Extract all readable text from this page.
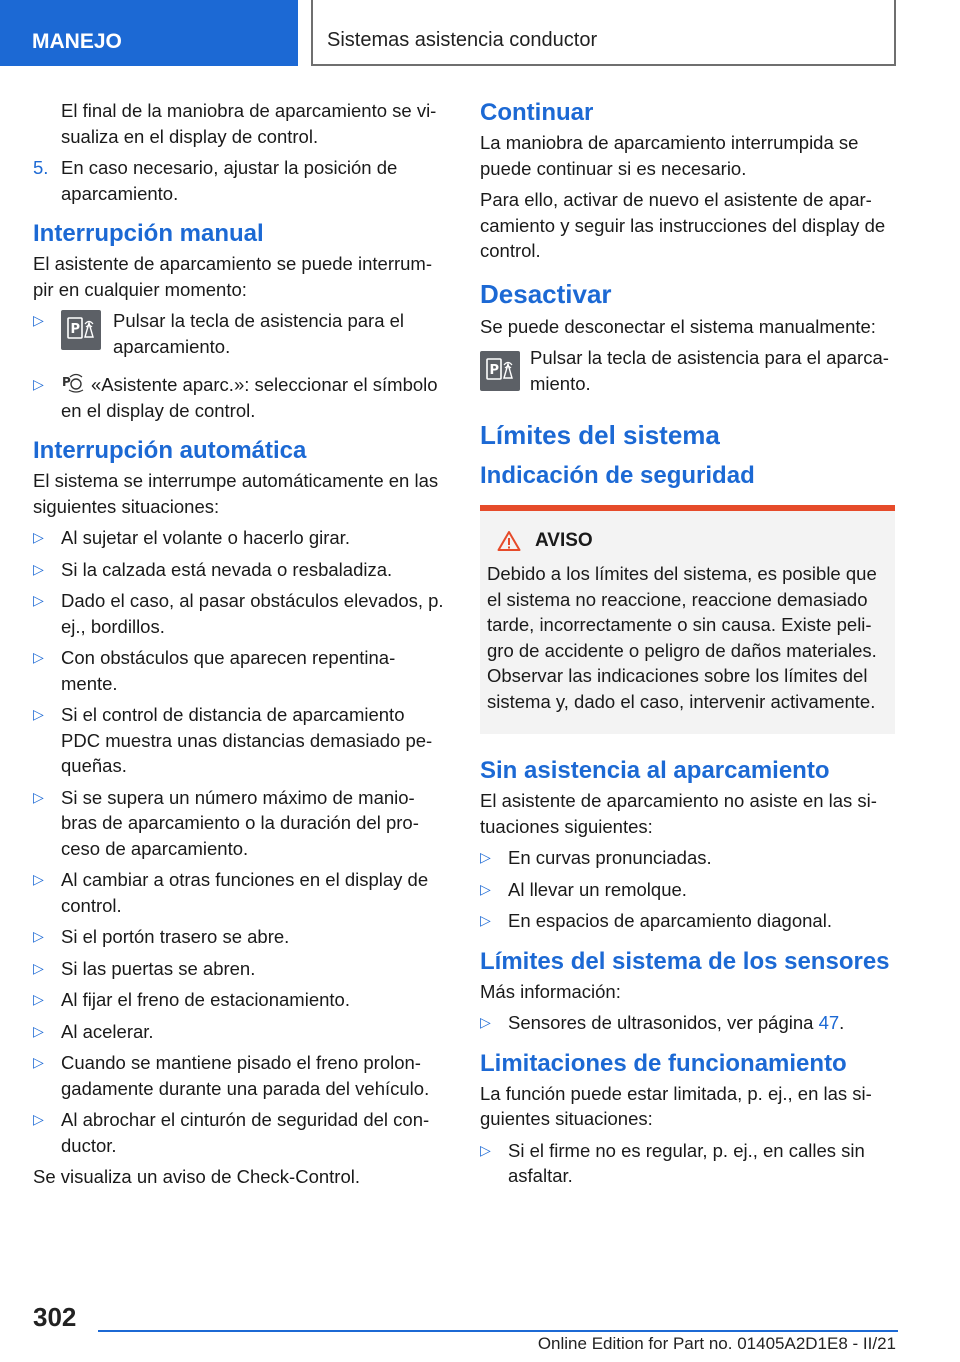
MANEJO	Sistemas asistencia conductor
El final de la maniobra de aparcamiento se vi-sualiza en el display de control.
5. En caso necesario, ajustar la posición de aparcamiento.
Interrupción manual

El asistente de aparcamiento se puede interrum-pir en cualquier momento:

▷
P Pulsar la tecla de asistencia para el aparcamiento.
▷ P «Asistente aparc.»: seleccionar el símbolo en el display de control.
Interrupción automática

El sistema se interrumpe automáticamente en las siguientes situaciones:

▷ Al sujetar el volante o hacerlo girar.
▷ Si la calzada está nevada o resbaladiza.
▷ Dado el caso, al pasar obstáculos elevados, p. ej., bordillos.
▷ Con obstáculos que aparecen repentina-mente.
▷ Si el control de distancia de aparcamiento PDC muestra unas distancias demasiado pe-queñas.
▷ Si se supera un número máximo de manio-bras de aparcamiento o la duración del pro-ceso de aparcamiento.
▷ Al cambiar a otras funciones en el display de control.
▷ Si el portón trasero se abre.
▷ Si las puertas se abren.
▷ Al fijar el freno de estacionamiento.
▷ Al acelerar.
▷ Cuando se mantiene pisado el freno prolon-gadamente durante una parada del vehículo.
▷ Al abrochar el cinturón de seguridad del con-ductor.

Se visualiza un aviso de Check-Control.

Continuar

La maniobra de aparcamiento interrumpida se puede continuar si es necesario.

Para ello, activar de nuevo el asistente de apar-camiento y seguir las instrucciones del display de control.

Desactivar

Se puede desconectar el sistema manualmente:

P
Pulsar la tecla de asistencia para el aparca-miento.
Límites del sistema
Indicación de seguridad
AVISO

Debido a los límites del sistema, es posible que el sistema no reaccione, reaccione demasiado tarde, incorrectamente o sin causa. Existe peli-gro de accidente o peligro de daños materiales. Observar las indicaciones sobre los límites del sistema y, dado el caso, intervenir activamente.

Sin asistencia al aparcamiento

El asistente de aparcamiento no asiste en las si-tuaciones siguientes:

▷ En curvas pronunciadas.
▷ Al llevar un remolque.
▷ En espacios de aparcamiento diagonal.
Límites del sistema de los sensores

Más información:

▷ Sensores de ultrasonidos, ver página 47.
Limitaciones de funcionamiento

La función puede estar limitada, p. ej., en las si-guientes situaciones:

▷ Si el firme no es regular, p. ej., en calles sin asfaltar.
302
Online Edition for Part no. 01405A2D1E8 - II/21
